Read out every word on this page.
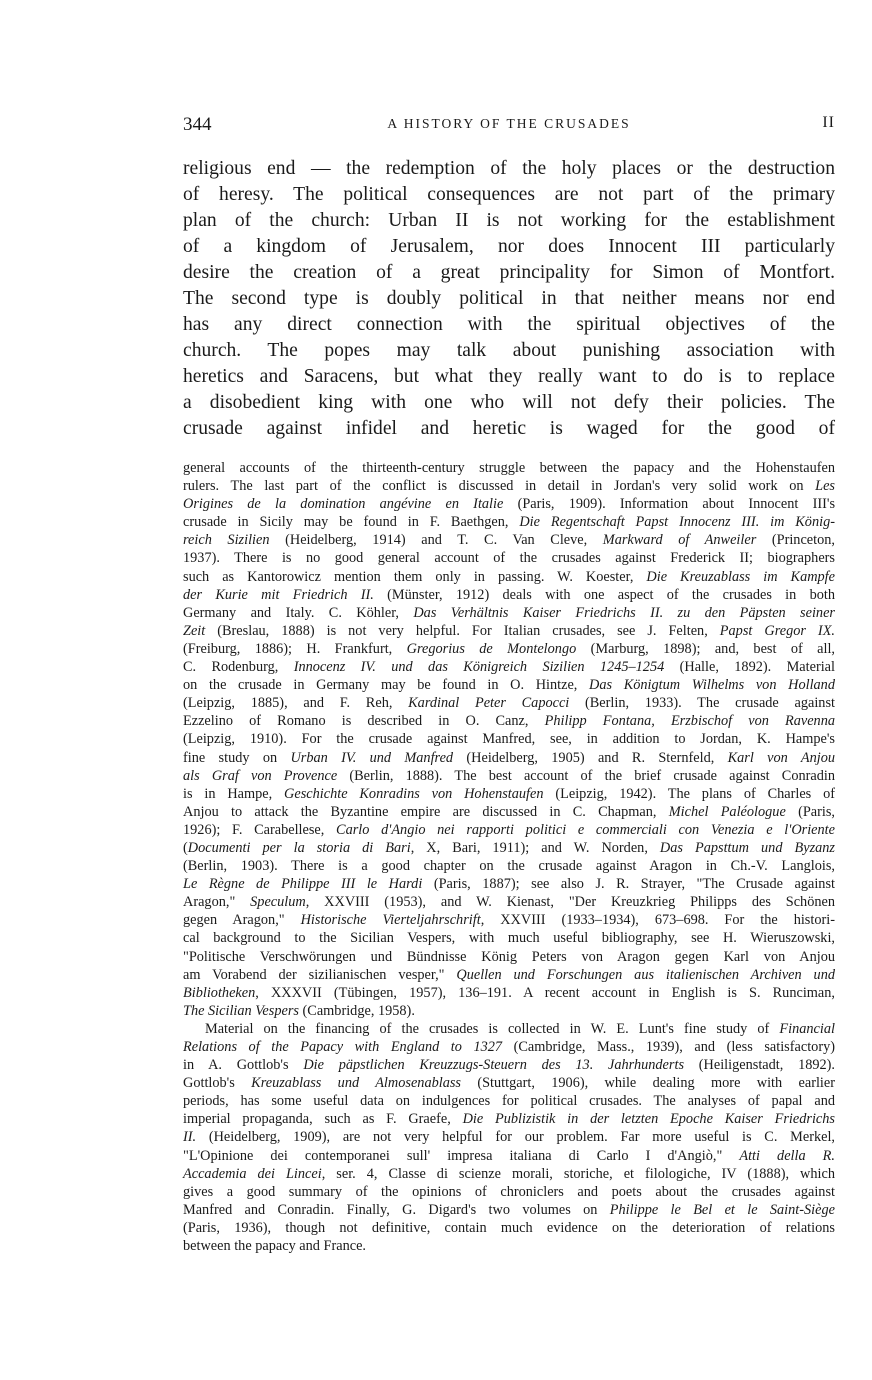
344	A HISTORY OF THE CRUSADES	II
religious end — the redemption of the holy places or the destruction
of heresy. The political consequences are not part of the primary
plan of the church: Urban II is not working for the establishment
of a kingdom of Jerusalem, nor does Innocent III particularly
desire the creation of a great principality for Simon of Montfort.
The second type is doubly political in that neither means nor end
has any direct connection with the spiritual objectives of the
church. The popes may talk about punishing association with
heretics and Saracens, but what they really want to do is to replace
a disobedient king with one who will not defy their policies. The
crusade against infidel and heretic is waged for the good of
general accounts of the thirteenth-century struggle between the papacy and the Hohenstaufen
rulers. The last part of the conflict is discussed in detail in Jordan's very solid work on Les
Origines de la domination angévine en Italie (Paris, 1909). Information about Innocent III's
crusade in Sicily may be found in F. Baethgen, Die Regentschaft Papst Innocenz III. im König-
reich Sizilien (Heidelberg, 1914) and T. C. Van Cleve, Markward of Anweiler (Princeton,
1937). There is no good general account of the crusades against Frederick II; biographers
such as Kantorowicz mention them only in passing. W. Koester, Die Kreuzablass im Kampfe
der Kurie mit Friedrich II. (Münster, 1912) deals with one aspect of the crusades in both
Germany and Italy. C. Köhler, Das Verhältnis Kaiser Friedrichs II. zu den Päpsten seiner
Zeit (Breslau, 1888) is not very helpful. For Italian crusades, see J. Felten, Papst Gregor IX.
(Freiburg, 1886); H. Frankfurt, Gregorius de Montelongo (Marburg, 1898); and, best of all,
C. Rodenburg, Innocenz IV. und das Königreich Sizilien 1245–1254 (Halle, 1892). Material
on the crusade in Germany may be found in O. Hintze, Das Königtum Wilhelms von Holland
(Leipzig, 1885), and F. Reh, Kardinal Peter Capocci (Berlin, 1933). The crusade against
Ezzelino of Romano is described in O. Canz, Philipp Fontana, Erzbischof von Ravenna
(Leipzig, 1910). For the crusade against Manfred, see, in addition to Jordan, K. Hampe's
fine study on Urban IV. und Manfred (Heidelberg, 1905) and R. Sternfeld, Karl von Anjou
als Graf von Provence (Berlin, 1888). The best account of the brief crusade against Conradin
is in Hampe, Geschichte Konradins von Hohenstaufen (Leipzig, 1942). The plans of Charles of
Anjou to attack the Byzantine empire are discussed in C. Chapman, Michel Paléologue (Paris,
1926); F. Carabellese, Carlo d'Angio nei rapporti politici e commerciali con Venezia e l'Oriente
(Documenti per la storia di Bari, X, Bari, 1911); and W. Norden, Das Papsttum und Byzanz
(Berlin, 1903). There is a good chapter on the crusade against Aragon in Ch.-V. Langlois,
Le Règne de Philippe III le Hardi (Paris, 1887); see also J. R. Strayer, "The Crusade against
Aragon," Speculum, XXVIII (1953), and W. Kienast, "Der Kreuzkrieg Philipps des Schönen
gegen Aragon," Historische Vierteljahrschrift, XXVIII (1933–1934), 673–698. For the histori-
cal background to the Sicilian Vespers, with much useful bibliography, see H. Wieruszowski,
"Politische Verschwörungen und Bündnisse König Peters von Aragon gegen Karl von Anjou
am Vorabend der sizilianischen vesper," Quellen und Forschungen aus italienischen Archiven und
Bibliotheken, XXXVII (Tübingen, 1957), 136–191. A recent account in English is S. Runciman,
The Sicilian Vespers (Cambridge, 1958).
Material on the financing of the crusades is collected in W. E. Lunt's fine study of Financial
Relations of the Papacy with England to 1327 (Cambridge, Mass., 1939), and (less satisfactory)
in A. Gottlob's Die päpstlichen Kreuzzugs-Steuern des 13. Jahrhunderts (Heiligenstadt, 1892).
Gottlob's Kreuzablass und Almosenablass (Stuttgart, 1906), while dealing more with earlier
periods, has some useful data on indulgences for political crusades. The analyses of papal and
imperial propaganda, such as F. Graefe, Die Publizistik in der letzten Epoche Kaiser Friedrichs
II. (Heidelberg, 1909), are not very helpful for our problem. Far more useful is C. Merkel,
"L'Opinione dei contemporanei sull' impresa italiana di Carlo I d'Angiò," Atti della R.
Accademia dei Lincei, ser. 4, Classe di scienze morali, storiche, et filologiche, IV (1888), which
gives a good summary of the opinions of chroniclers and poets about the crusades against
Manfred and Conradin. Finally, G. Digard's two volumes on Philippe le Bel et le Saint-Siège
(Paris, 1936), though not definitive, contain much evidence on the deterioration of relations
between the papacy and France.
